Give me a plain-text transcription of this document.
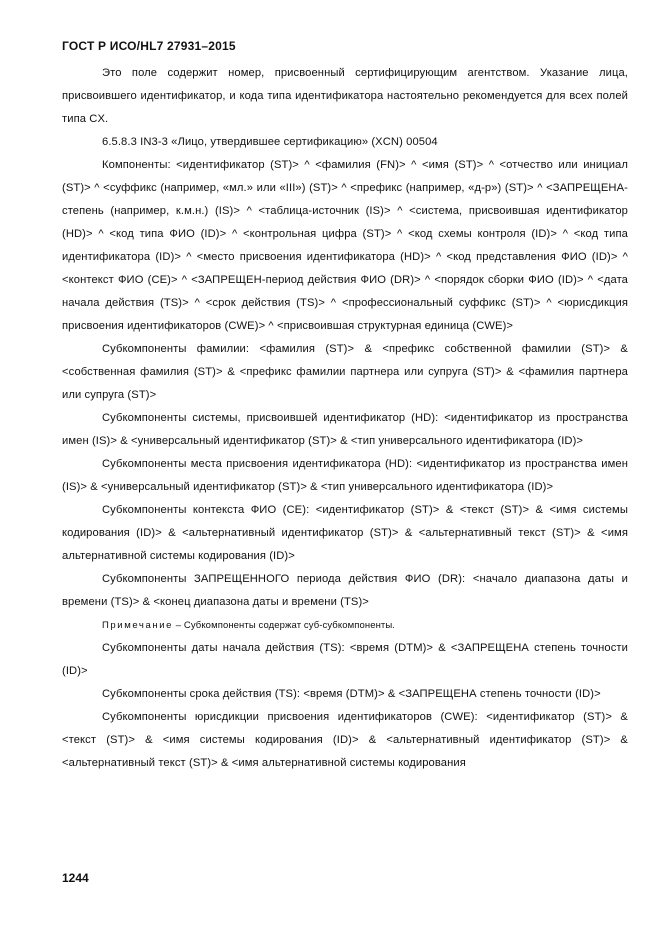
ГОСТ Р ИСО/HL7 27931–2015

Это поле содержит номер, присвоенный сертифицирующим агентством. Указание лица, присвоившего идентификатор, и кода типа идентификатора настоятельно рекомендуется для всех полей типа CX.

6.5.8.3 IN3-3 «Лицо, утвердившее сертификацию» (XCN) 00504

Компоненты: <идентификатор (ST)> ^ <фамилия (FN)> ^ <имя (ST)> ^ <отчество или инициал (ST)> ^ <суффикс (например, «мл.» или «III») (ST)> ^ <префикс (например, «д-р») (ST)> ^ <ЗАПРЕЩЕНА-степень (например, к.м.н.) (IS)> ^ <таблица-источник (IS)> ^ <система, присвоившая идентификатор (HD)> ^ <код типа ФИО (ID)> ^ <контрольная цифра (ST)> ^ <код схемы контроля (ID)> ^ <код типа идентификатора (ID)> ^ <место присвоения идентификатора (HD)> ^ <код представления ФИО (ID)> ^ <контекст ФИО (CE)> ^ <ЗАПРЕЩЕН-период действия ФИО (DR)> ^ <порядок сборки ФИО (ID)> ^ <дата начала действия (TS)> ^ <срок действия (TS)> ^ <профессиональный суффикс (ST)> ^ <юрисдикция присвоения идентификаторов (CWE)> ^ <присвоившая структурная единица (CWE)>

Субкомпоненты фамилии: <фамилия (ST)> & <префикс собственной фамилии (ST)> & <собственная фамилия (ST)> & <префикс фамилии партнера или супруга (ST)> & <фамилия партнера или супруга (ST)>

Субкомпоненты системы, присвоившей идентификатор (HD): <идентификатор из пространства имен (IS)> & <универсальный идентификатор (ST)> & <тип универсального идентификатора (ID)>

Субкомпоненты места присвоения идентификатора (HD): <идентификатор из пространства имен (IS)> & <универсальный идентификатор (ST)> & <тип универсального идентификатора (ID)>

Субкомпоненты контекста ФИО (CE): <идентификатор (ST)> & <текст (ST)> & <имя системы кодирования (ID)> & <альтернативный идентификатор (ST)> & <альтернативный текст (ST)> & <имя альтернативной системы кодирования (ID)>

Субкомпоненты ЗАПРЕЩЕННОГО периода действия ФИО (DR): <начало диапазона даты и времени (TS)> & <конец диапазона даты и времени (TS)>

Примечание – Субкомпоненты содержат суб-субкомпоненты.

Субкомпоненты даты начала действия (TS): <время (DTM)> & <ЗАПРЕЩЕНА степень точности (ID)>

Субкомпоненты срока действия (TS): <время (DTM)> & <ЗАПРЕЩЕНА степень точности (ID)>

Субкомпоненты юрисдикции присвоения идентификаторов (CWE): <идентификатор (ST)> & <текст (ST)> & <имя системы кодирования (ID)> & <альтернативный идентификатор (ST)> & <альтернативный текст (ST)> & <имя альтернативной системы кодирования

1244
